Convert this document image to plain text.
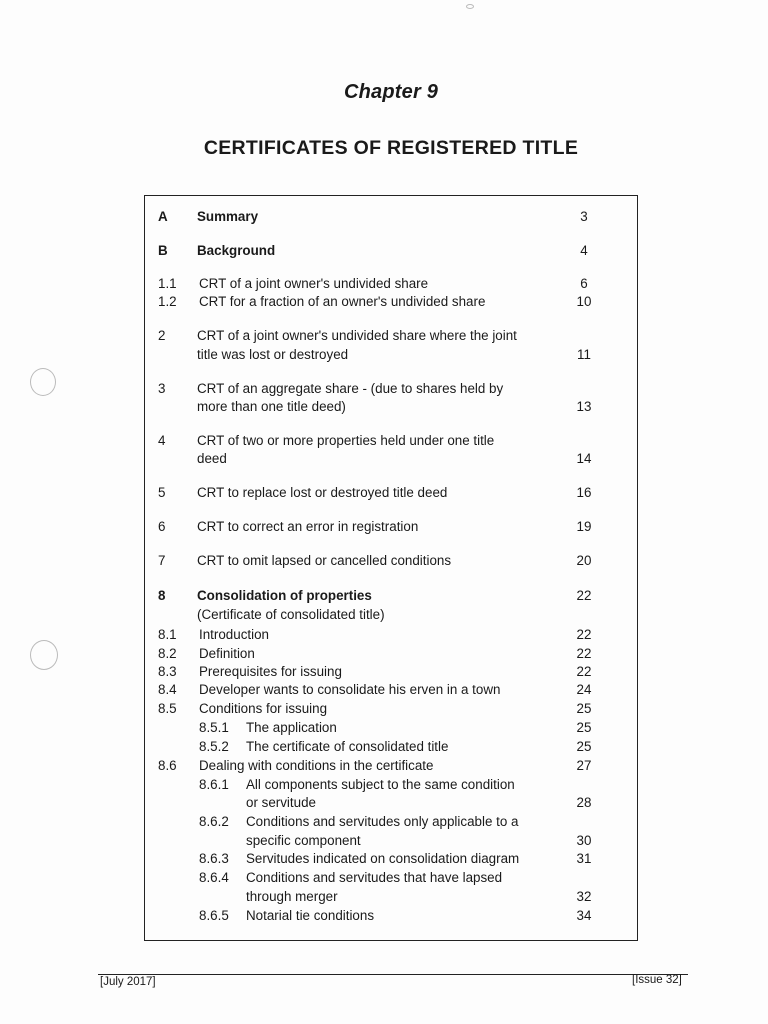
Chapter 9
CERTIFICATES OF REGISTERED TITLE
A Summary	3
B Background	4
1.1 CRT of a joint owner's undivided share	6
1.2 CRT for a fraction of an owner's undivided share	10
2 CRT of a joint owner's undivided share where the joint
title was lost or destroyed	11
3 CRT of an aggregate share - (due to shares held by
more than one title deed)	13
4 CRT of two or more properties held under one title
deed	14
5 CRT to replace lost or destroyed title deed	16
6 CRT to correct an error in registration	19
7 CRT to omit lapsed or cancelled conditions	20
8 Consolidation of properties	22
(Certificate of consolidated title)
8.1 Introduction	22
8.2 Definition	22
8.3 Prerequisites for issuing	22
8.4 Developer wants to consolidate his erven in a town	24
8.5 Conditions for issuing	25
8.5.1 The application	25
8.5.2 The certificate of consolidated title	25
8.6 Dealing with conditions in the certificate	27
8.6.1 All components subject to the same condition
or servitude	28
8.6.2 Conditions and servitudes only applicable to a
specific component	30
8.6.3 Servitudes indicated on consolidation diagram	31
8.6.4 Conditions and servitudes that have lapsed
through merger	32
8.6.5 Notarial tie conditions	34
[July 2017]	[Issue 32]
